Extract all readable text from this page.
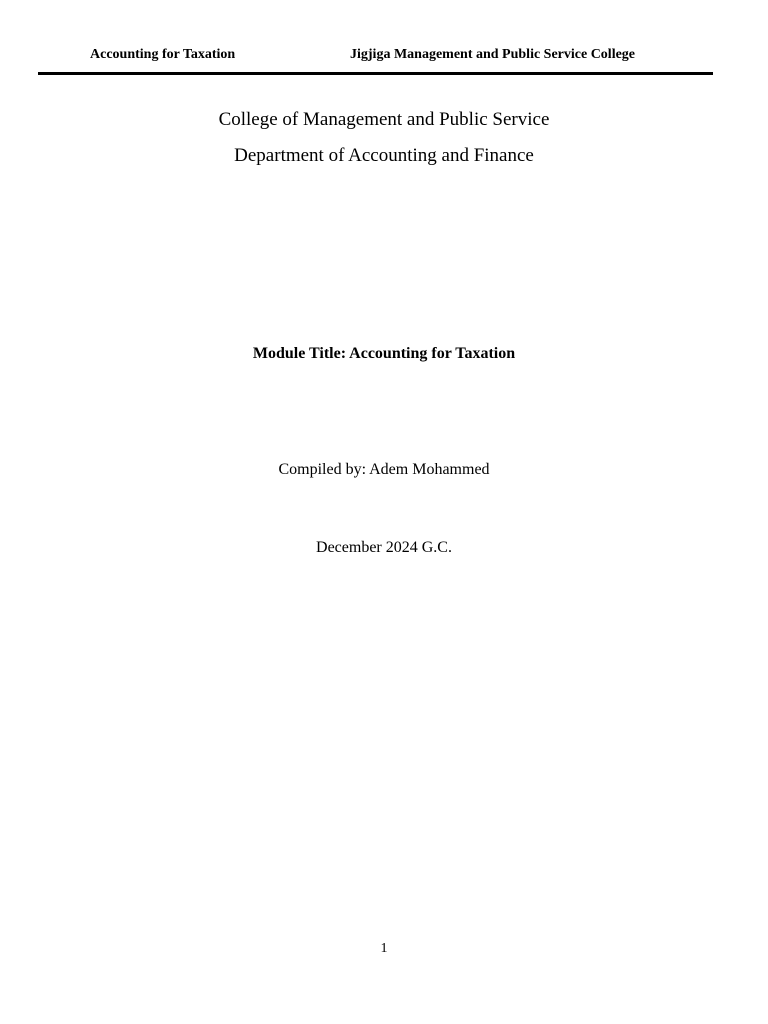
Accounting for Taxation	Jigjiga Management and Public Service College
College of Management and Public Service
Department of Accounting and Finance
Module Title: Accounting for Taxation
Compiled by: Adem Mohammed
December 2024 G.C.
1
